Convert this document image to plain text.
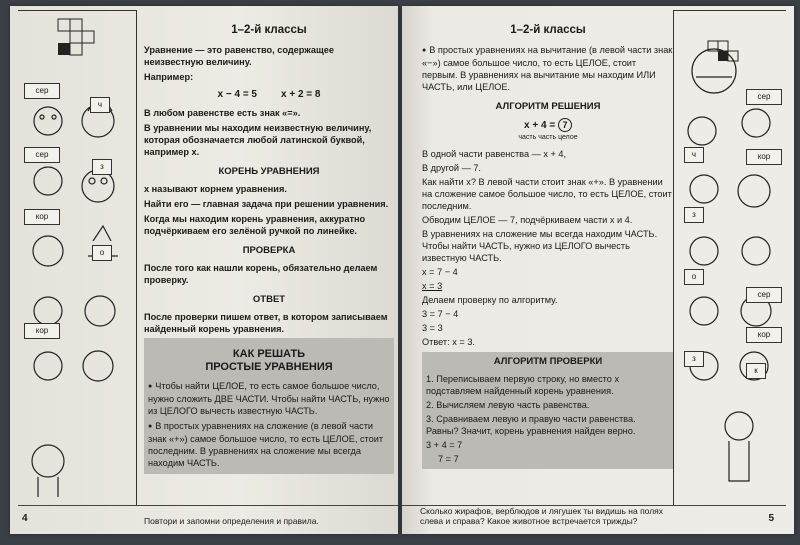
сер
ч
сер
з
кор
о
кор
1–2-й классы
Уравнение — это равенство, содержащее неизвестную величину.
Например:
x − 4 = 5 x + 2 = 8
В любом равенстве есть знак «=».
В уравнении мы находим неизвестную величину, которая обозначается любой латинской буквой, например x.
КОРЕНЬ УРАВНЕНИЯ
x называют корнем уравнения.
Найти его — главная задача при решении уравнения.
Когда мы находим корень уравнения, аккуратно подчёркиваем его зелёной ручкой по линейке.
ПРОВЕРКА
После того как нашли корень, обязательно делаем проверку.
ОТВЕТ
После проверки пишем ответ, в котором записываем найденный корень уравнения.
КАК РЕШАТЬ
ПРОСТЫЕ УРАВНЕНИЯ
● Чтобы найти ЦЕЛОЕ, то есть самое большое число, нужно сложить ДВЕ ЧАСТИ. Чтобы найти ЧАСТЬ, нужно из ЦЕЛОГО вычесть известную ЧАСТЬ.
● В простых уравнениях на сложение (в левой части знак «+») самое большое число, то есть ЦЕЛОЕ, стоит последним. В уравнениях на сложение мы всегда находим ЧАСТЬ.
Повтори и запомни определения и правила.
4
1–2-й классы
● В простых уравнениях на вычитание (в левой части знак «−») самое большое число, то есть ЦЕЛОЕ, стоит первым. В уравнениях на вычитание мы находим ИЛИ ЧАСТЬ, или ЦЕЛОЕ.
АЛГОРИТМ РЕШЕНИЯ
x + 4 = 7
часть часть целое
В одной части равенства — x + 4,
В другой — 7.
Как найти x? В левой части стоит знак «+». В уравнении на сложение самое большое число, то есть ЦЕЛОЕ, стоит последним.
Обводим ЦЕЛОЕ — 7, подчёркиваем части x и 4.
В уравнениях на сложение мы всегда находим ЧАСТЬ. Чтобы найти ЧАСТЬ, нужно из ЦЕЛОГО вычесть известную ЧАСТЬ.
x = 7 − 4
x = 3
Делаем проверку по алгоритму.
3 = 7 − 4
3 = 3
Ответ: x = 3.
АЛГОРИТМ ПРОВЕРКИ
1. Переписываем первую строку, но вместо x подставляем найденный корень уравнения.
2. Вычисляем левую часть равенства.
3. Сравниваем левую и правую части равенства. Равны? Значит, корень уравнения найден верно.
3 + 4 = 7
7 = 7
сер
ч	кор
з
о
сер
кор
з
к
Сколько жирафов, верблюдов и лягушек ты видишь на полях слева и справа? Какое животное встречается трижды?	5
